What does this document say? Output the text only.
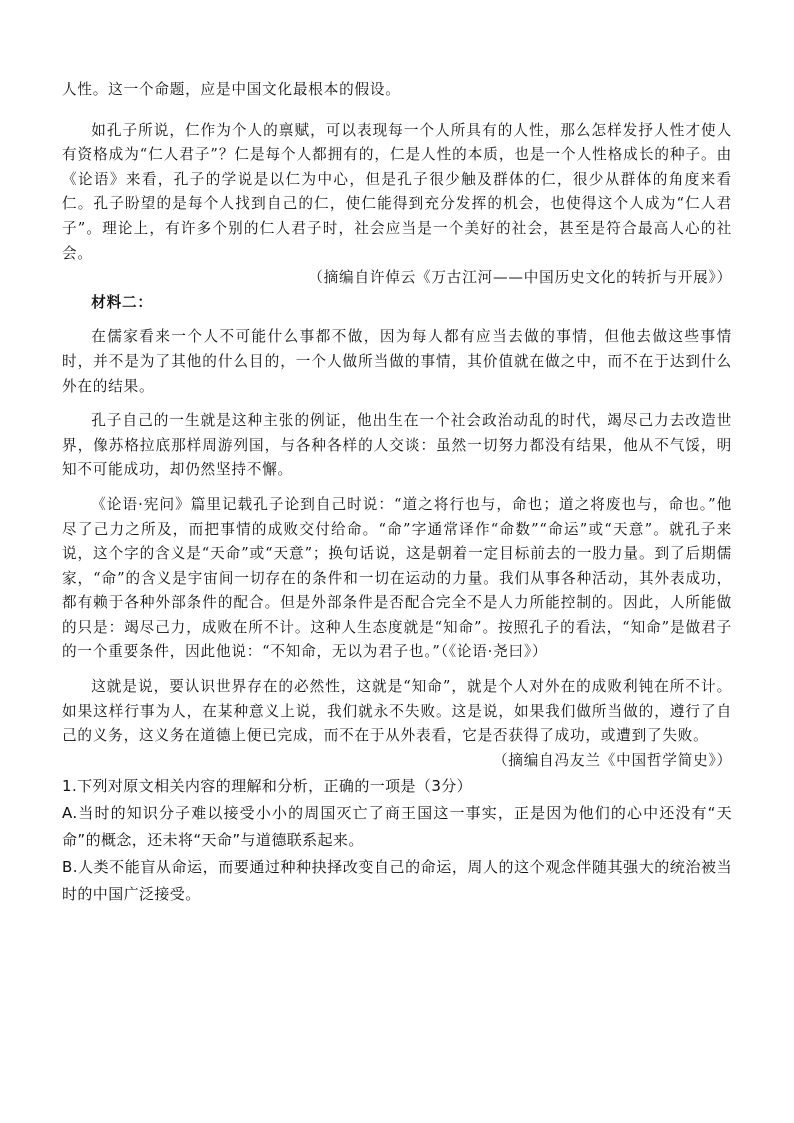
人性。这一个命题，应是中国文化最根本的假设。

如孔子所说，仁作为个人的禀赋，可以表现每一个人所具有的人性，那么怎样发抒人性才使人有资格成为“仁人君子”？仁是每个人都拥有的，仁是人性的本质，也是一个人性格成长的种子。由《论语》来看，孔子的学说是以仁为中心，但是孔子很少触及群体的仁，很少从群体的角度来看仁。孔子盼望的是每个人找到自己的仁，使仁能得到充分发挥的机会，也使得这个人成为“仁人君子”。理论上，有许多个别的仁人君子时，社会应当是一个美好的社会，甚至是符合最高人心的社会。

（摘编自许倬云《万古江河——中国历史文化的转折与开展》）

材料二：

在儒家看来一个人不可能什么事都不做，因为每人都有应当去做的事情，但他去做这些事情时，并不是为了其他的什么目的，一个人做所当做的事情，其价值就在做之中，而不在于达到什么外在的结果。

孔子自己的一生就是这种主张的例证，他出生在一个社会政治动乱的时代，竭尽己力去改造世界，像苏格拉底那样周游列国，与各种各样的人交谈：虽然一切努力都没有结果，他从不气馁，明知不可能成功，却仍然坚持不懈。

《论语·宪问》篇里记载孔子论到自己时说：“道之将行也与，命也；道之将废也与，命也。”他尽了己力之所及，而把事情的成败交付给命。“命”字通常译作“命数”“命运”或“天意”。就孔子来说，这个字的含义是“天命”或“天意”；换句话说，这是朝着一定目标前去的一股力量。到了后期儒家，“命”的含义是宇宙间一切存在的条件和一切在运动的力量。我们从事各种活动，其外表成功，都有赖于各种外部条件的配合。但是外部条件是否配合完全不是人力所能控制的。因此，人所能做的只是：竭尽己力，成败在所不计。这种人生态度就是“知命”。按照孔子的看法，“知命”是做君子的一个重要条件，因此他说：“不知命，无以为君子也。”（《论语·尧曰》）

这就是说，要认识世界存在的必然性，这就是“知命”，就是个人对外在的成败利钝在所不计。如果这样行事为人，在某种意义上说，我们就永不失败。这是说，如果我们做所当做的，遵行了自己的义务，这义务在道德上便已完成，而不在于从外表看，它是否获得了成功，或遭到了失败。

（摘编自冯友兰《中国哲学简史》）

1.下列对原文相关内容的理解和分析，正确的一项是（3分）

A.当时的知识分子难以接受小小的周国灭亡了商王国这一事实，正是因为他们的心中还没有“天命”的概念，还未将“天命”与道德联系起来。

B.人类不能盲从命运，而要通过种种抉择改变自己的命运，周人的这个观念伴随其强大的统治被当时的中国广泛接受。
